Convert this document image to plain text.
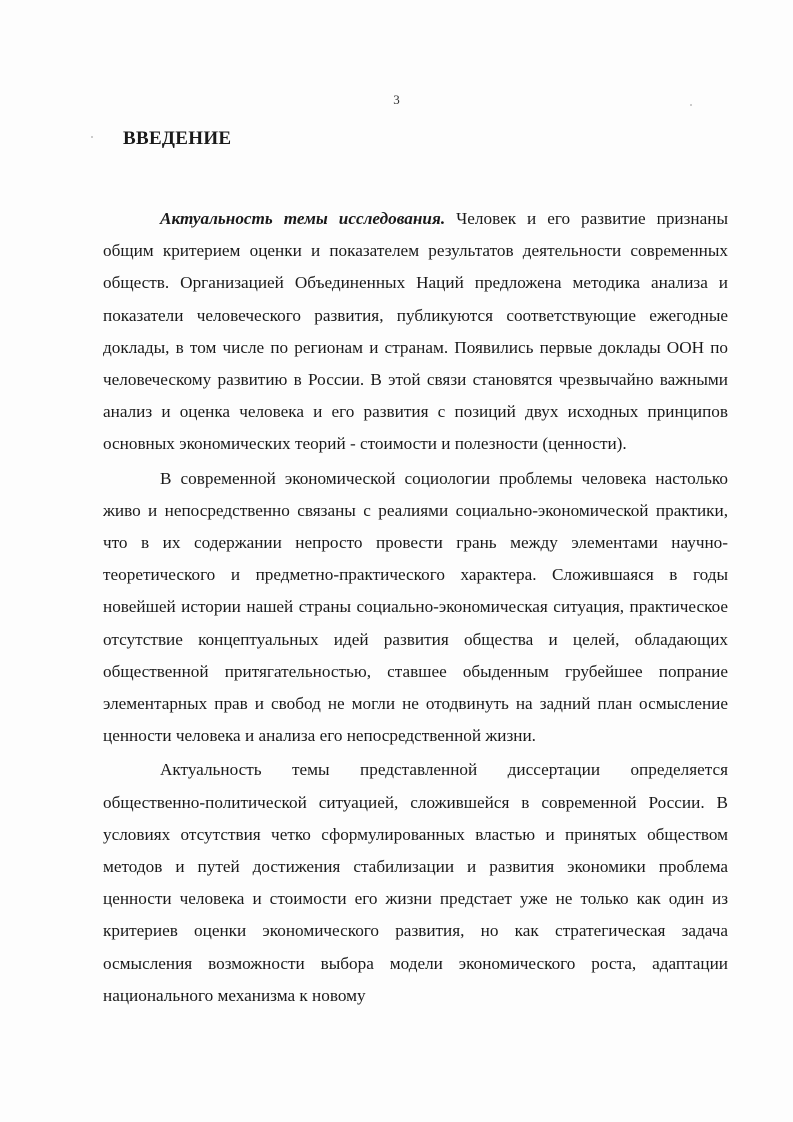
3
ВВЕДЕНИЕ

Актуальность темы исследования. Человек и его развитие признаны общим критерием оценки и показателем результатов деятельности современных обществ. Организацией Объединенных Наций предложена методика анализа и показатели человеческого развития, публикуются соответствующие ежегодные доклады, в том числе по регионам и странам. Появились первые доклады ООН по человеческому развитию в России. В этой связи становятся чрезвычайно важными анализ и оценка человека и его развития с позиций двух исходных принципов основных экономических теорий - стоимости и полезности (ценности).

В современной экономической социологии проблемы человека настолько живо и непосредственно связаны с реалиями социально-экономической практики, что в их содержании непросто провести грань между элементами научно-теоретического и предметно-практического характера. Сложившаяся в годы новейшей истории нашей страны социально-экономическая ситуация, практическое отсутствие концептуальных идей развития общества и целей, обладающих общественной притягательностью, ставшее обыденным грубейшее попрание элементарных прав и свобод не могли не отодвинуть на задний план осмысление ценности человека и анализа его непосредственной жизни.

Актуальность темы представленной диссертации определяется общественно-политической ситуацией, сложившейся в современной России. В условиях отсутствия четко сформулированных властью и принятых обществом методов и путей достижения стабилизации и развития экономики проблема ценности человека и стоимости его жизни предстает уже не только как один из критериев оценки экономического развития, но как стратегическая задача осмысления возможности выбора модели экономического роста, адаптации национального механизма к новому
